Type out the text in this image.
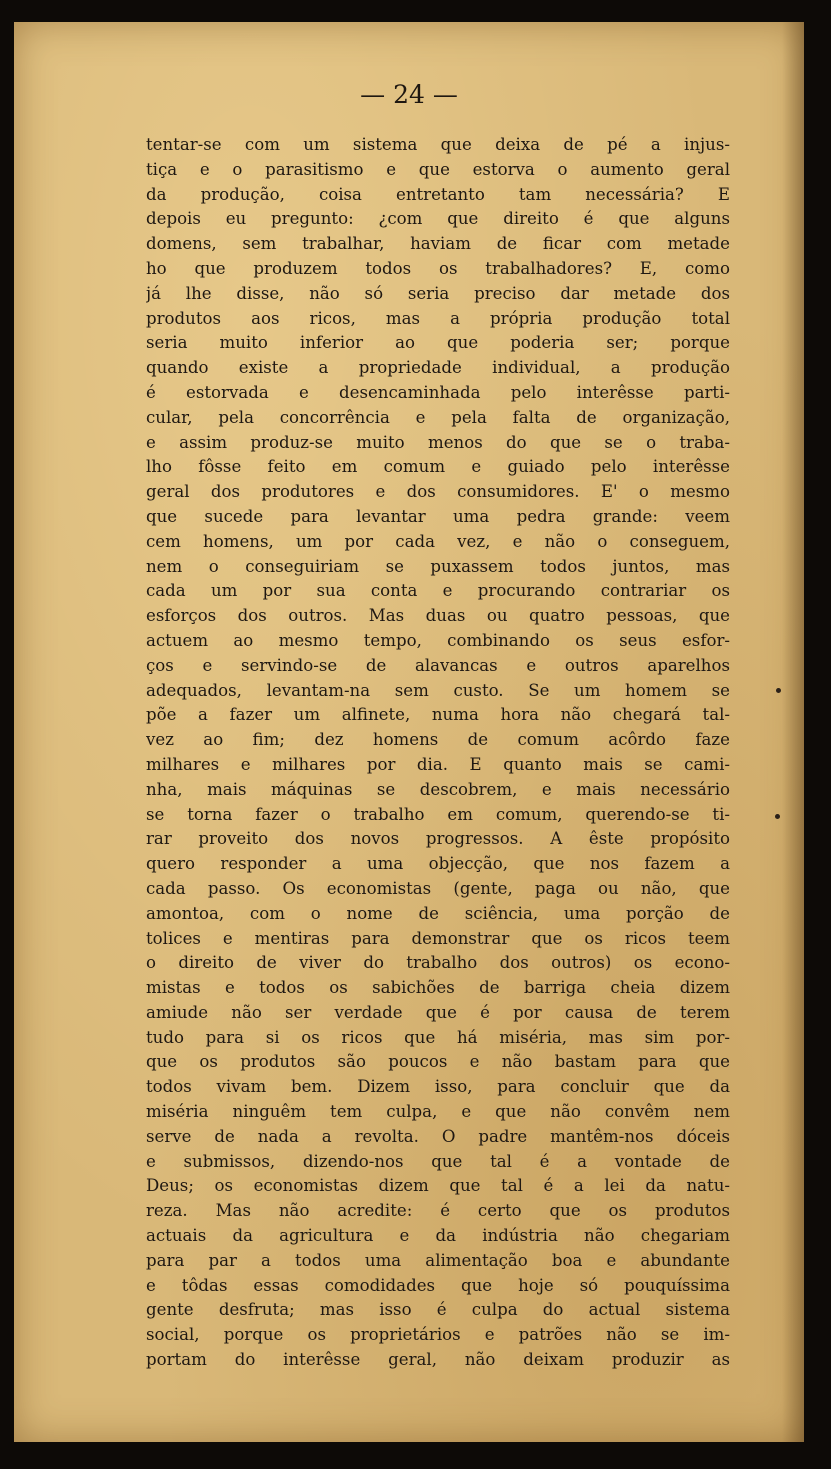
— 24 —
tentar-se com um sistema que deixa de pé a injus-
tiça e o parasitismo e que estorva o aumento geral
da produção, coisa entretanto tam necessária? E
depois eu pregunto: ¿com que direito é que alguns
domens, sem trabalhar, haviam de ficar com metade
ho que produzem todos os trabalhadores? E, como
já lhe disse, não só seria preciso dar metade dos
produtos aos ricos, mas a própria produção total
seria muito inferior ao que poderia ser; porque
quando existe a propriedade individual, a produção
é estorvada e desencaminhada pelo interêsse parti-
cular, pela concorrência e pela falta de organização,
e assim produz-se muito menos do que se o traba-
lho fôsse feito em comum e guiado pelo interêsse
geral dos produtores e dos consumidores. E' o mesmo
que sucede para levantar uma pedra grande: veem
cem homens, um por cada vez, e não o conseguem,
nem o conseguiriam se puxassem todos juntos, mas
cada um por sua conta e procurando contrariar os
esforços dos outros. Mas duas ou quatro pessoas, que
actuem ao mesmo tempo, combinando os seus esfor-
ços e servindo-se de alavancas e outros aparelhos
adequados, levantam-na sem custo. Se um homem se
põe a fazer um alfinete, numa hora não chegará tal-
vez ao fim; dez homens de comum acôrdo faze
milhares e milhares por dia. E quanto mais se cami-
nha, mais máquinas se descobrem, e mais necessário
se torna fazer o trabalho em comum, querendo-se ti-
rar proveito dos novos progressos. A êste propósito
quero responder a uma objecção, que nos fazem a
cada passo. Os economistas (gente, paga ou não, que
amontoa, com o nome de sciência, uma porção de
tolices e mentiras para demonstrar que os ricos teem
o direito de viver do trabalho dos outros) os econo-
mistas e todos os sabichões de barriga cheia dizem
amiude não ser verdade que é por causa de terem
tudo para si os ricos que há miséria, mas sim por-
que os produtos são poucos e não bastam para que
todos vivam bem. Dizem isso, para concluir que da
miséria ninguêm tem culpa, e que não convêm nem
serve de nada a revolta. O padre mantêm-nos dóceis
e submissos, dizendo-nos que tal é a vontade de
Deus; os economistas dizem que tal é a lei da natu-
reza. Mas não acredite: é certo que os produtos
actuais da agricultura e da indústria não chegariam
para par a todos uma alimentação boa e abundante
e tôdas essas comodidades que hoje só pouquíssima
gente desfruta; mas isso é culpa do actual sistema
social, porque os proprietários e patrões não se im-
portam do interêsse geral, não deixam produzir as
